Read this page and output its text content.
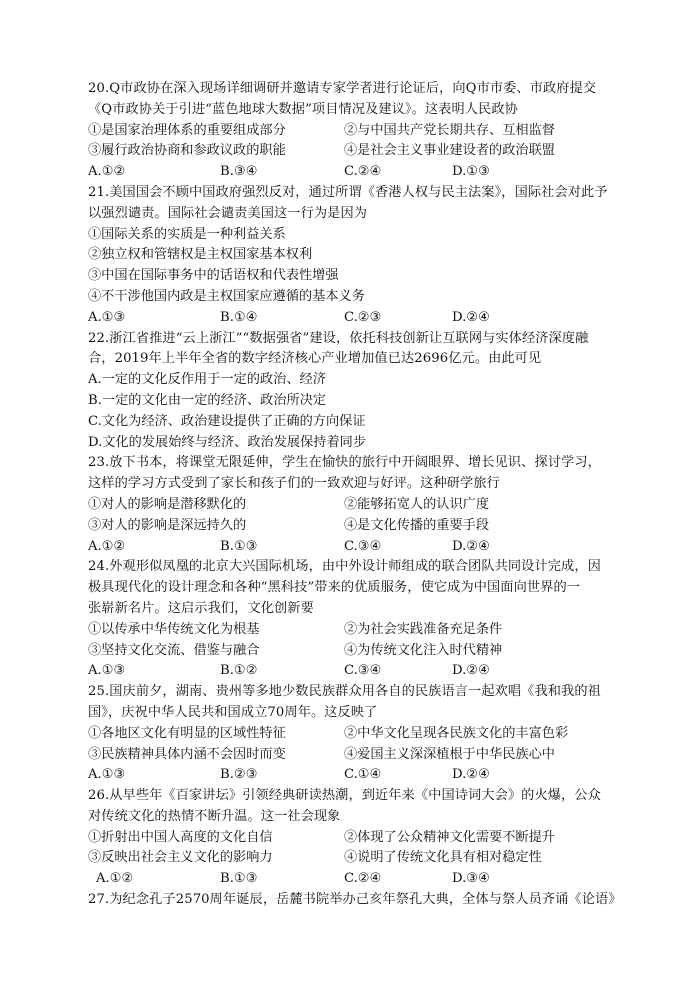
20.Q市政协在深入现场详细调研并邀请专家学者进行论证后，向Q市市委、市政府提交
《Q市政协关于引进“蓝色地球大数据”项目情况及建议》。这表明人民政协
①是国家治理体系的重要组成部分	②与中国共产党长期共存、互相监督
③履行政治协商和参政议政的职能	④是社会主义事业建设者的政治联盟
A.①②	B.③④	C.②④	D.①③
21.美国国会不顾中国政府强烈反对，通过所谓《香港人权与民主法案》，国际社会对此予
以强烈谴责。国际社会谴责美国这一行为是因为
①国际关系的实质是一种利益关系
②独立权和管辖权是主权国家基本权利
③中国在国际事务中的话语权和代表性增强
④不干涉他国内政是主权国家应遵循的基本义务
A.①③	B.①④	C.②③	D.②④
22.浙江省推进“云上浙江”“数据强省”建设，依托科技创新让互联网与实体经济深度融
合，2019年上半年全省的数字经济核心产业增加值已达2696亿元。由此可见
A.一定的文化反作用于一定的政治、经济
B.一定的文化由一定的经济、政治所决定
C.文化为经济、政治建设提供了正确的方向保证
D.文化的发展始终与经济、政治发展保持着同步
23.放下书本，将课堂无限延伸，学生在愉快的旅行中开阔眼界、增长见识、探讨学习，
这样的学习方式受到了家长和孩子们的一致欢迎与好评。这种研学旅行
①对人的影响是潜移默化的	②能够拓宽人的认识广度
③对人的影响是深远持久的	④是文化传播的重要手段
A.①②	B.①③	C.③④	D.②④
24.外观形似凤凰的北京大兴国际机场，由中外设计师组成的联合团队共同设计完成，因
极具现代化的设计理念和各种“黑科技”带来的优质服务，使它成为中国面向世界的一
张崭新名片。这启示我们，文化创新要
①以传承中华传统文化为根基	②为社会实践准备充足条件
③坚持文化交流、借鉴与融合	④为传统文化注入时代精神
A.①③	B.①②	C.③④	D.②④
25.国庆前夕，湖南、贵州等多地少数民族群众用各自的民族语言一起欢唱《我和我的祖
国》，庆祝中华人民共和国成立70周年。这反映了
①各地区文化有明显的区域性特征	②中华文化呈现各民族文化的丰富色彩
③民族精神具体内涵不会因时而变	④爱国主义深深植根于中华民族心中
A.①③	B.②③	C.①④	D.②④
26.从早些年《百家讲坛》引领经典研读热潮，到近年来《中国诗词大会》的火爆，公众
对传统文化的热情不断升温。这一社会现象
①折射出中国人高度的文化自信	②体现了公众精神文化需要不断提升
③反映出社会主义文化的影响力	④说明了传统文化具有相对稳定性
A.①②	B.①③	C.②④	D.③④
27.为纪念孔子2570周年诞辰，岳麓书院举办己亥年祭孔大典，全体与祭人员齐诵《论语》
